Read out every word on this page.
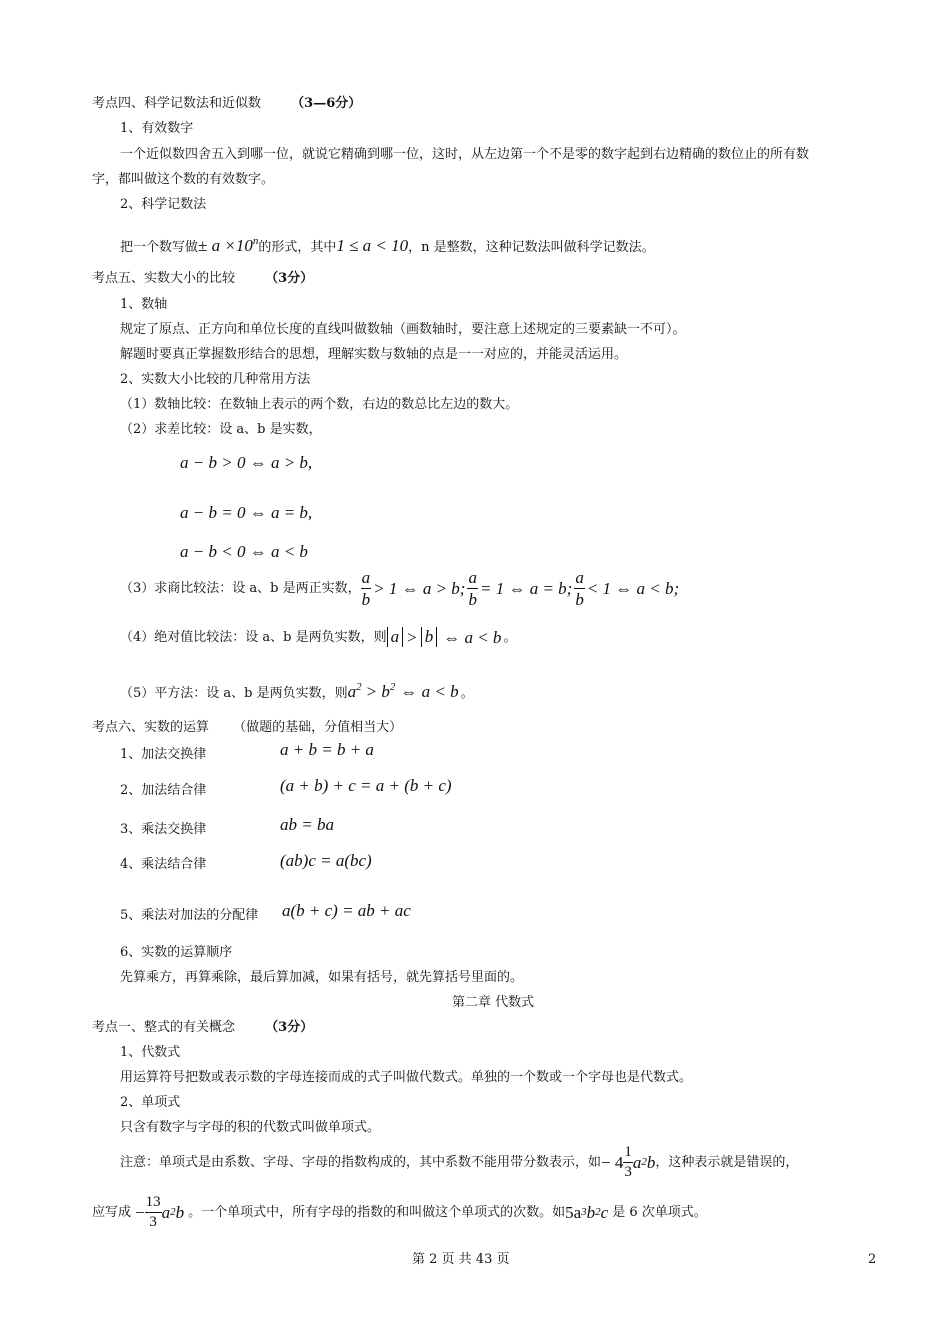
考点四、科学记数法和近似数 （3—6分）
1、有效数字
一个近似数四舍五入到哪一位，就说它精确到哪一位，这时，从左边第一个不是零的数字起到右边精确的数位止的所有数
字，都叫做这个数的有效数字。
2、科学记数法
把一个数写做± $a \times 10^n$的形式，其中1 ≤ a < 10，n 是整数，这种记数法叫做科学记数法。
考点五、实数大小的比较 （3分）
1、数轴
规定了原点、正方向和单位长度的直线叫做数轴（画数轴时，要注意上述规定的三要素缺一不可）。
解题时要真正掌握数形结合的思想，理解实数与数轴的点是一一对应的，并能灵活运用。
2、实数大小比较的几种常用方法
（1）数轴比较：在数轴上表示的两个数，右边的数总比左边的数大。
（2）求差比较：设 a、b 是实数，
a − b > 0 ⇔ a > b,
a − b = 0 ⇔ a = b,
a − b < 0 ⇔ a < b
（3）求商比较法：设 a、b 是两正实数， $\frac{a}{b} > 1$ ⇔ a > b; $\frac{a}{b} = 1$ ⇔ a = b; $\frac{a}{b} < 1$ ⇔ a < b;
（4）绝对值比较法：设 a、b 是两负实数，则 a > b ⇔ a < b 。
（5）平方法：设 a、b 是两负实数，则$a^2 > b^2$ ⇔ a < b 。
考点六、实数的运算 （做题的基础，分值相当大）
1、加法交换律	a + b = b + a
2、加法结合律	(a + b) + c = a + (b + c)
3、乘法交换律	ab = ba
4、乘法结合律	(ab)c = a(bc)
5、乘法对加法的分配律 a(b + c) = ab + ac
6、实数的运算顺序
先算乘方，再算乘除，最后算加减，如果有括号，就先算括号里面的。
第二章 代数式
考点一、整式的有关概念 （3分）
1、代数式
用运算符号把数或表示数的字母连接而成的式子叫做代数式。单独的一个数或一个字母也是代数式。
2、单项式
只含有数字与字母的积的代数式叫做单项式。
注意：单项式是由系数、字母、字母的指数构成的，其中系数不能用带分数表示，如 − $4 \frac{1}{3}$ a 2 b ，这种表示就是错误的，
应写成 − $\frac{13}{3}$ a 2 b 。一个单项式中，所有字母的指数的和叫做这个单项式的次数。如 5a 3 b 2 c 是 6 次单项式。
第 2 页 共 43 页	2
